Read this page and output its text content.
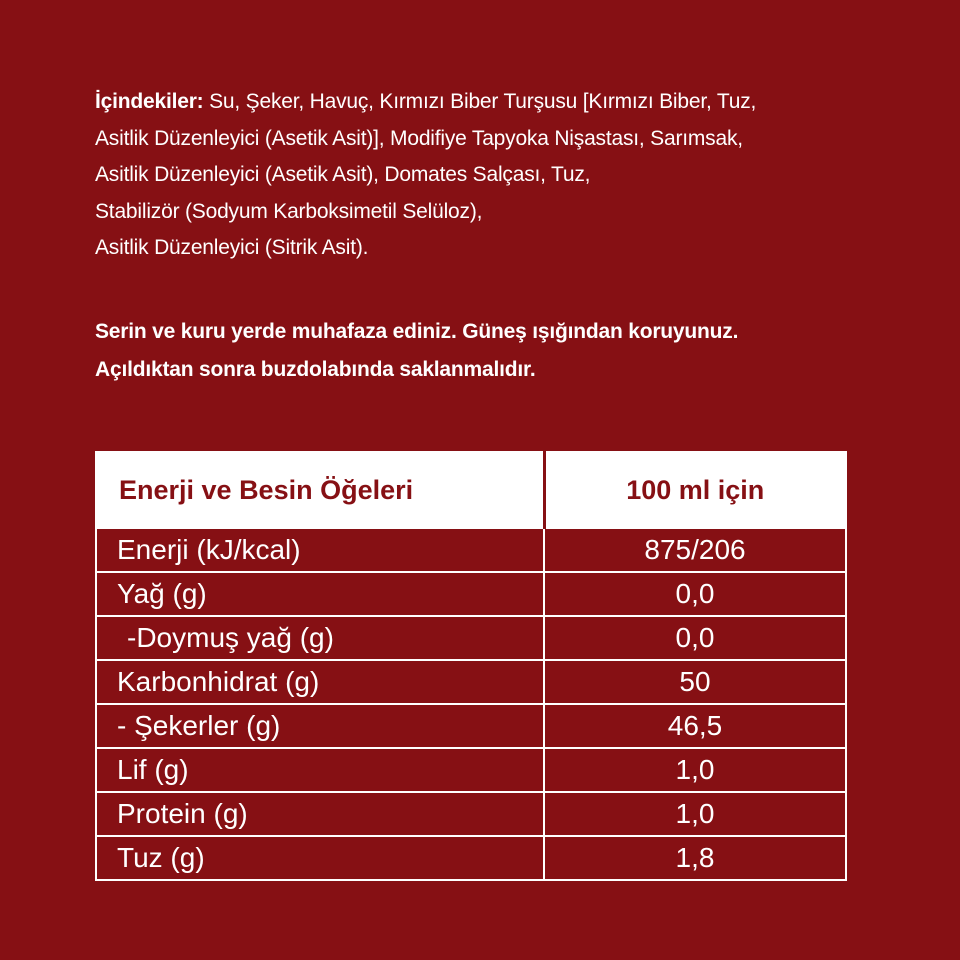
İçindekiler: Su, Şeker, Havuç, Kırmızı Biber Turşusu [Kırmızı Biber, Tuz,
Asitlik Düzenleyici (Asetik Asit)], Modifiye Tapyoka Nişastası, Sarımsak,
Asitlik Düzenleyici (Asetik Asit), Domates Salçası, Tuz,
Stabilizör (Sodyum Karboksimetil Selüloz),
Asitlik Düzenleyici (Sitrik Asit).
Serin ve kuru yerde muhafaza ediniz. Güneş ışığından koruyunuz.
Açıldıktan sonra buzdolabında saklanmalıdır.
Enerji ve Besin Öğeleri	100 ml için
Enerji (kJ/kcal)	875/206
Yağ (g)	0,0
-Doymuş yağ (g)	0,0
Karbonhidrat (g)	50
- Şekerler (g)	46,5
Lif (g)	1,0
Protein (g)	1,0
Tuz (g)	1,8
